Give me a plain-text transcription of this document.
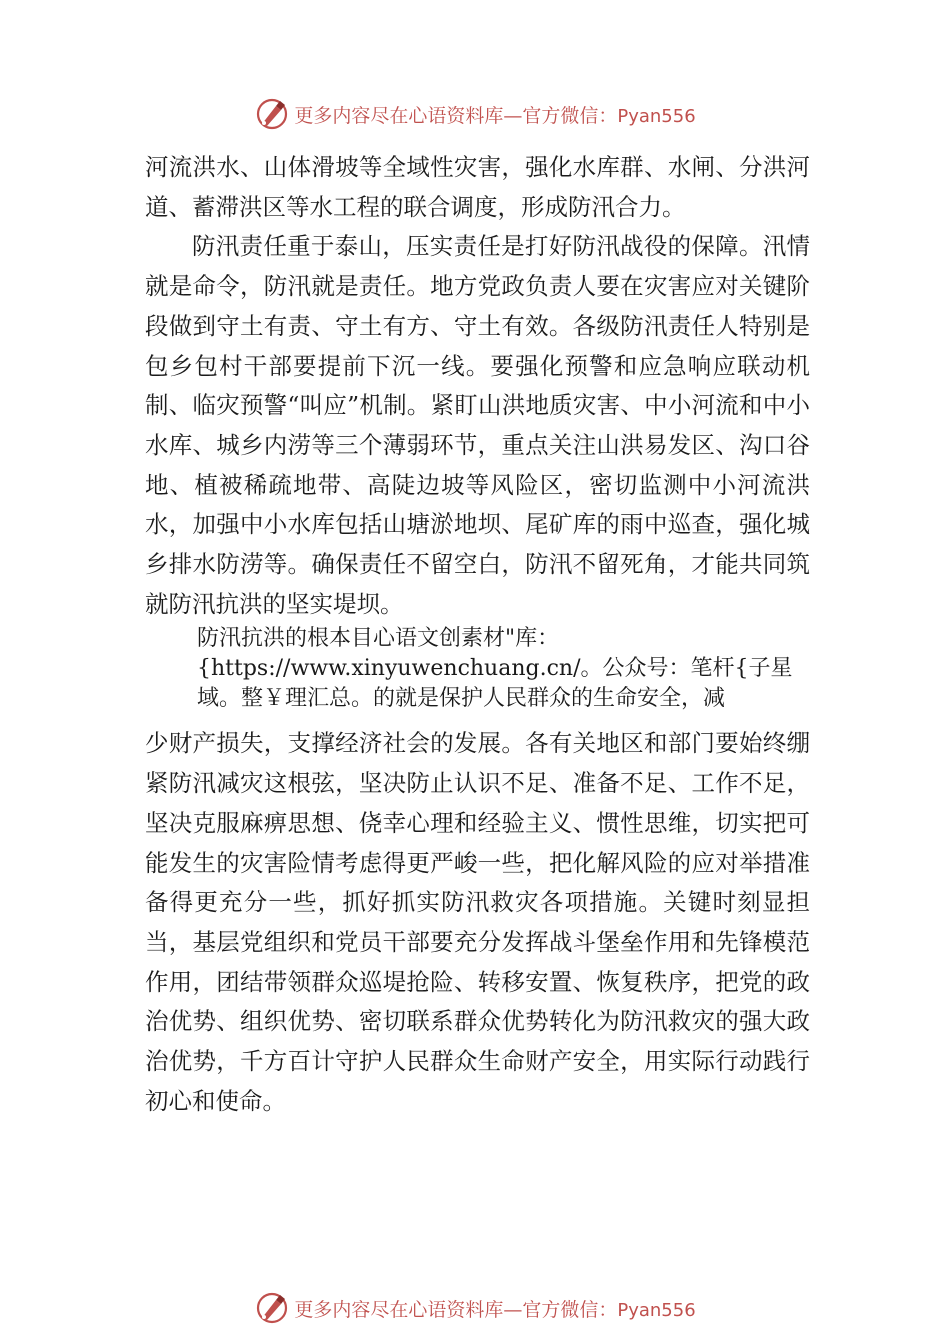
更多内容尽在心语资料库—官方微信：Pyan556

河流洪水、山体滑坡等全域性灾害，强化水库群、水闸、分洪河道、蓄滞洪区等水工程的联合调度，形成防汛合力。

防汛责任重于泰山，压实责任是打好防汛战役的保障。汛情就是命令，防汛就是责任。地方党政负责人要在灾害应对关键阶段做到守土有责、守土有方、守土有效。各级防汛责任人特别是包乡包村干部要提前下沉一线。要强化预警和应急响应联动机制、临灾预警“叫应”机制。紧盯山洪地质灾害、中小河流和中小水库、城乡内涝等三个薄弱环节，重点关注山洪易发区、沟口谷地、植被稀疏地带、高陡边坡等风险区，密切监测中小河流洪水，加强中小水库包括山塘淤地坝、尾矿库的雨中巡查，强化城乡排水防涝等。确保责任不留空白，防汛不留死角，才能共同筑就防汛抗洪的坚实堤坝。

防汛抗洪的根本目心语文创素材"库：{https://www.xinyuwenchuang.cn/。公众号：笔杆{子星域。整￥理汇总。的就是保护人民群众的生命安全，减

少财产损失，支撑经济社会的发展。各有关地区和部门要始终绷紧防汛减灾这根弦，坚决防止认识不足、准备不足、工作不足，坚决克服麻痹思想、侥幸心理和经验主义、惯性思维，切实把可能发生的灾害险情考虑得更严峻一些，把化解风险的应对举措准备得更充分一些，抓好抓实防汛救灾各项措施。关键时刻显担当，基层党组织和党员干部要充分发挥战斗堡垒作用和先锋模范作用，团结带领群众巡堤抢险、转移安置、恢复秩序，把党的政治优势、组织优势、密切联系群众优势转化为防汛救灾的强大政治优势，千方百计守护人民群众生命财产安全，用实际行动践行初心和使命。

更多内容尽在心语资料库—官方微信：Pyan556
